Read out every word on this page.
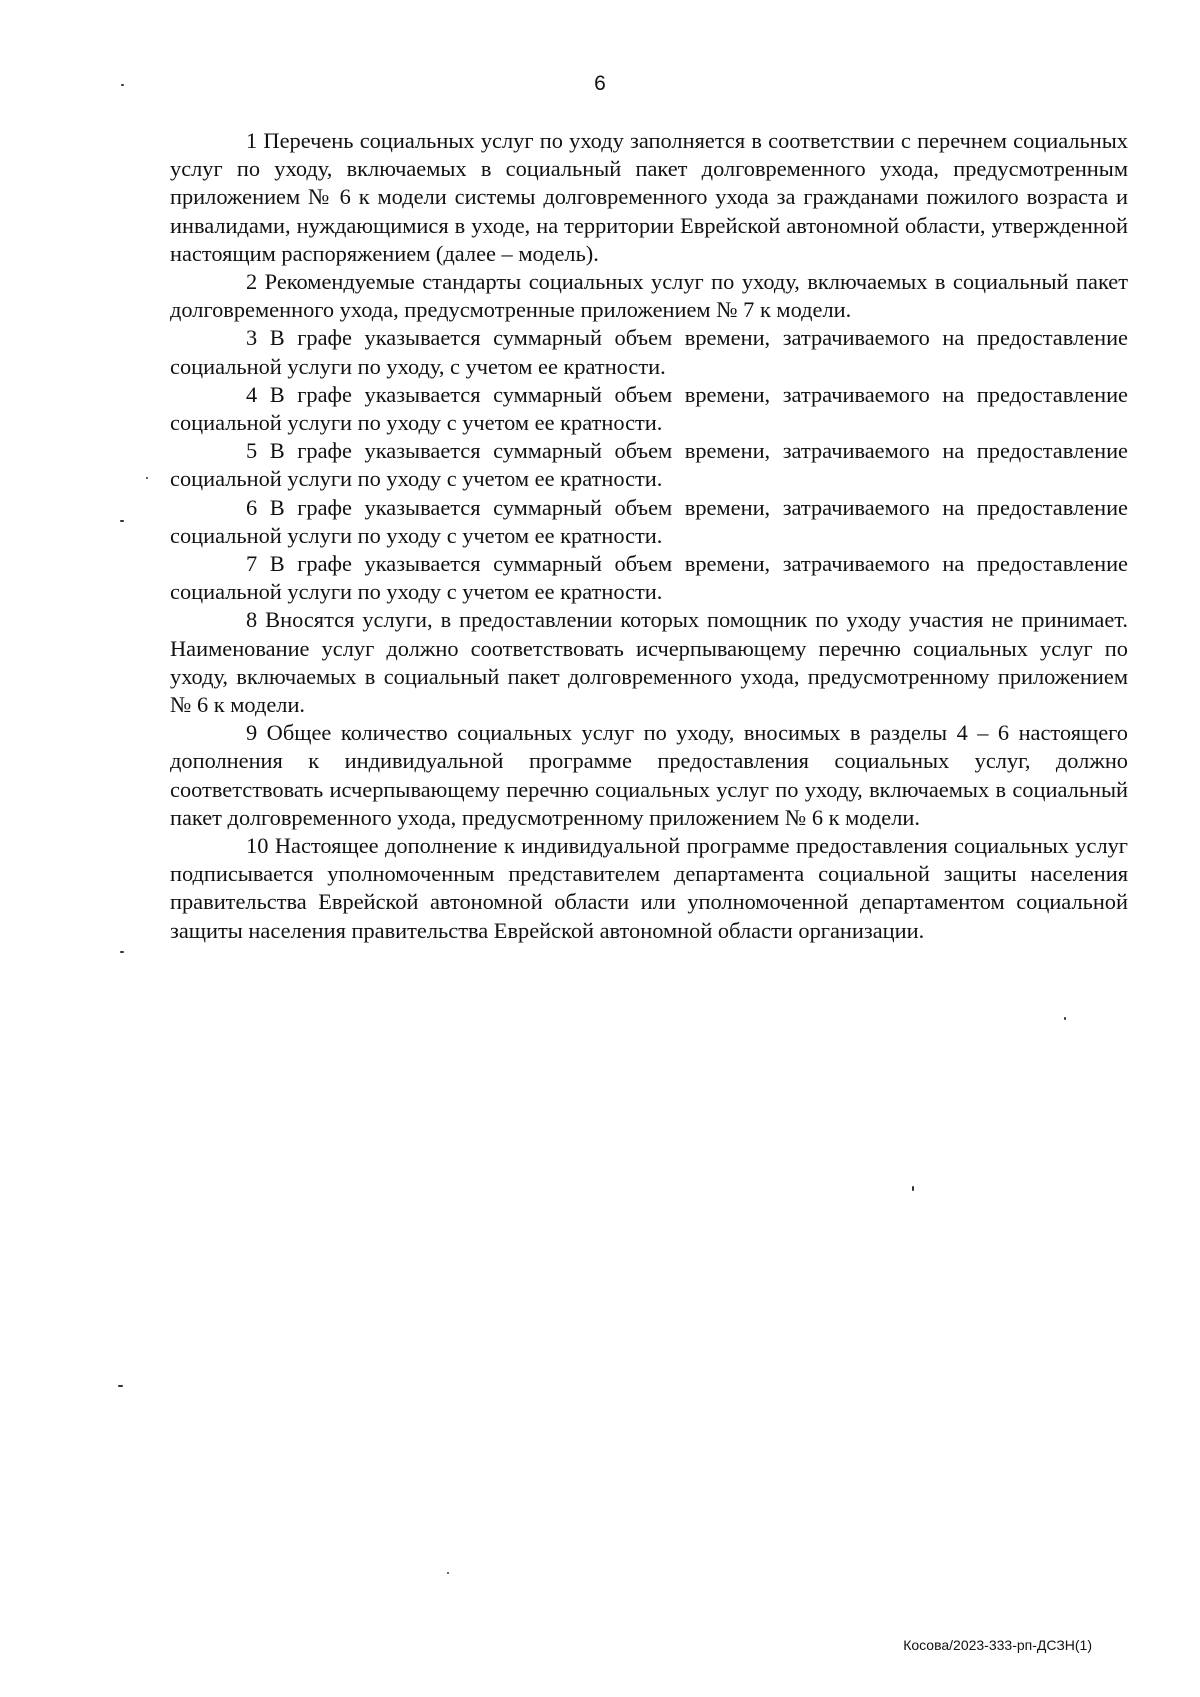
6

1 Перечень социальных услуг по уходу заполняется в соответствии с перечнем социальных услуг по уходу, включаемых в социальный пакет долговременного ухода, предусмотренным приложением № 6 к модели системы долговременного ухода за гражданами пожилого возраста и инвалидами, нуждающимися в уходе, на территории Еврейской автономной области, утвержденной настоящим распоряжением (далее – модель).

2 Рекомендуемые стандарты социальных услуг по уходу, включаемых в социальный пакет долговременного ухода, предусмотренные приложением № 7 к модели.

3 В графе указывается суммарный объем времени, затрачиваемого на предоставление социальной услуги по уходу, с учетом ее кратности.

4 В графе указывается суммарный объем времени, затрачиваемого на предоставление социальной услуги по уходу с учетом ее кратности.

5 В графе указывается суммарный объем времени, затрачиваемого на предоставление социальной услуги по уходу с учетом ее кратности.

6 В графе указывается суммарный объем времени, затрачиваемого на предоставление социальной услуги по уходу с учетом ее кратности.

7 В графе указывается суммарный объем времени, затрачиваемого на предоставление социальной услуги по уходу с учетом ее кратности.

8 Вносятся услуги, в предоставлении которых помощник по уходу участия не принимает. Наименование услуг должно соответствовать исчерпывающему перечню социальных услуг по уходу, включаемых в социальный пакет долговременного ухода, предусмотренному приложением № 6 к модели.

9 Общее количество социальных услуг по уходу, вносимых в разделы 4 – 6 настоящего дополнения к индивидуальной программе предоставления социальных услуг, должно соответствовать исчерпывающему перечню социальных услуг по уходу, включаемых в социальный пакет долговременного ухода, предусмотренному приложением № 6 к модели.

10 Настоящее дополнение к индивидуальной программе предоставления социальных услуг подписывается уполномоченным представителем департамента социальной защиты населения правительства Еврейской автономной области или уполномоченной департаментом социальной защиты населения правительства Еврейской автономной области организации.

Косова/2023-333-рп-ДСЗН(1)
